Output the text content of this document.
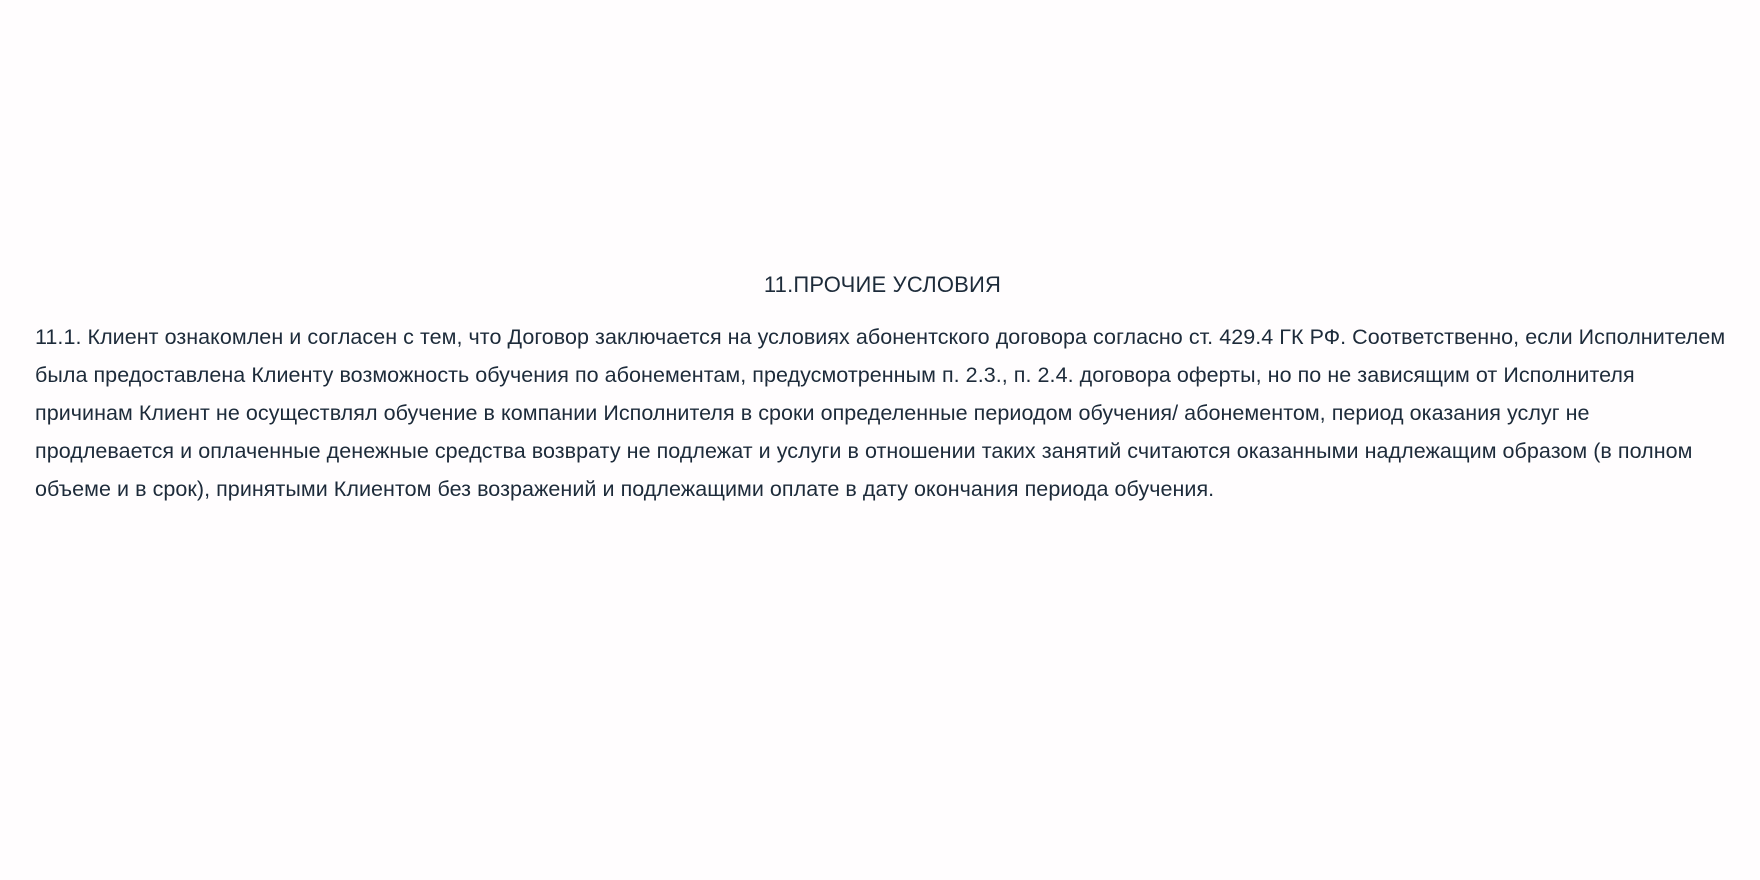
11.ПРОЧИЕ УСЛОВИЯ

11.1. Клиент ознакомлен и согласен с тем, что Договор заключается на условиях абонентского договора согласно ст. 429.4 ГК РФ. Соответственно, если Исполнителем была предоставлена Клиенту возможность обучения по абонементам, предусмотренным п. 2.3., п. 2.4. договора оферты, но по не зависящим от Исполнителя причинам Клиент не осуществлял обучение в компании Исполнителя в сроки определенные периодом обучения/ абонементом, период оказания услуг не продлевается и оплаченные денежные средства возврату не подлежат и услуги в отношении таких занятий считаются оказанными надлежащим образом (в полном объеме и в срок), принятыми Клиентом без возражений и подлежащими оплате в дату окончания периода обучения.
